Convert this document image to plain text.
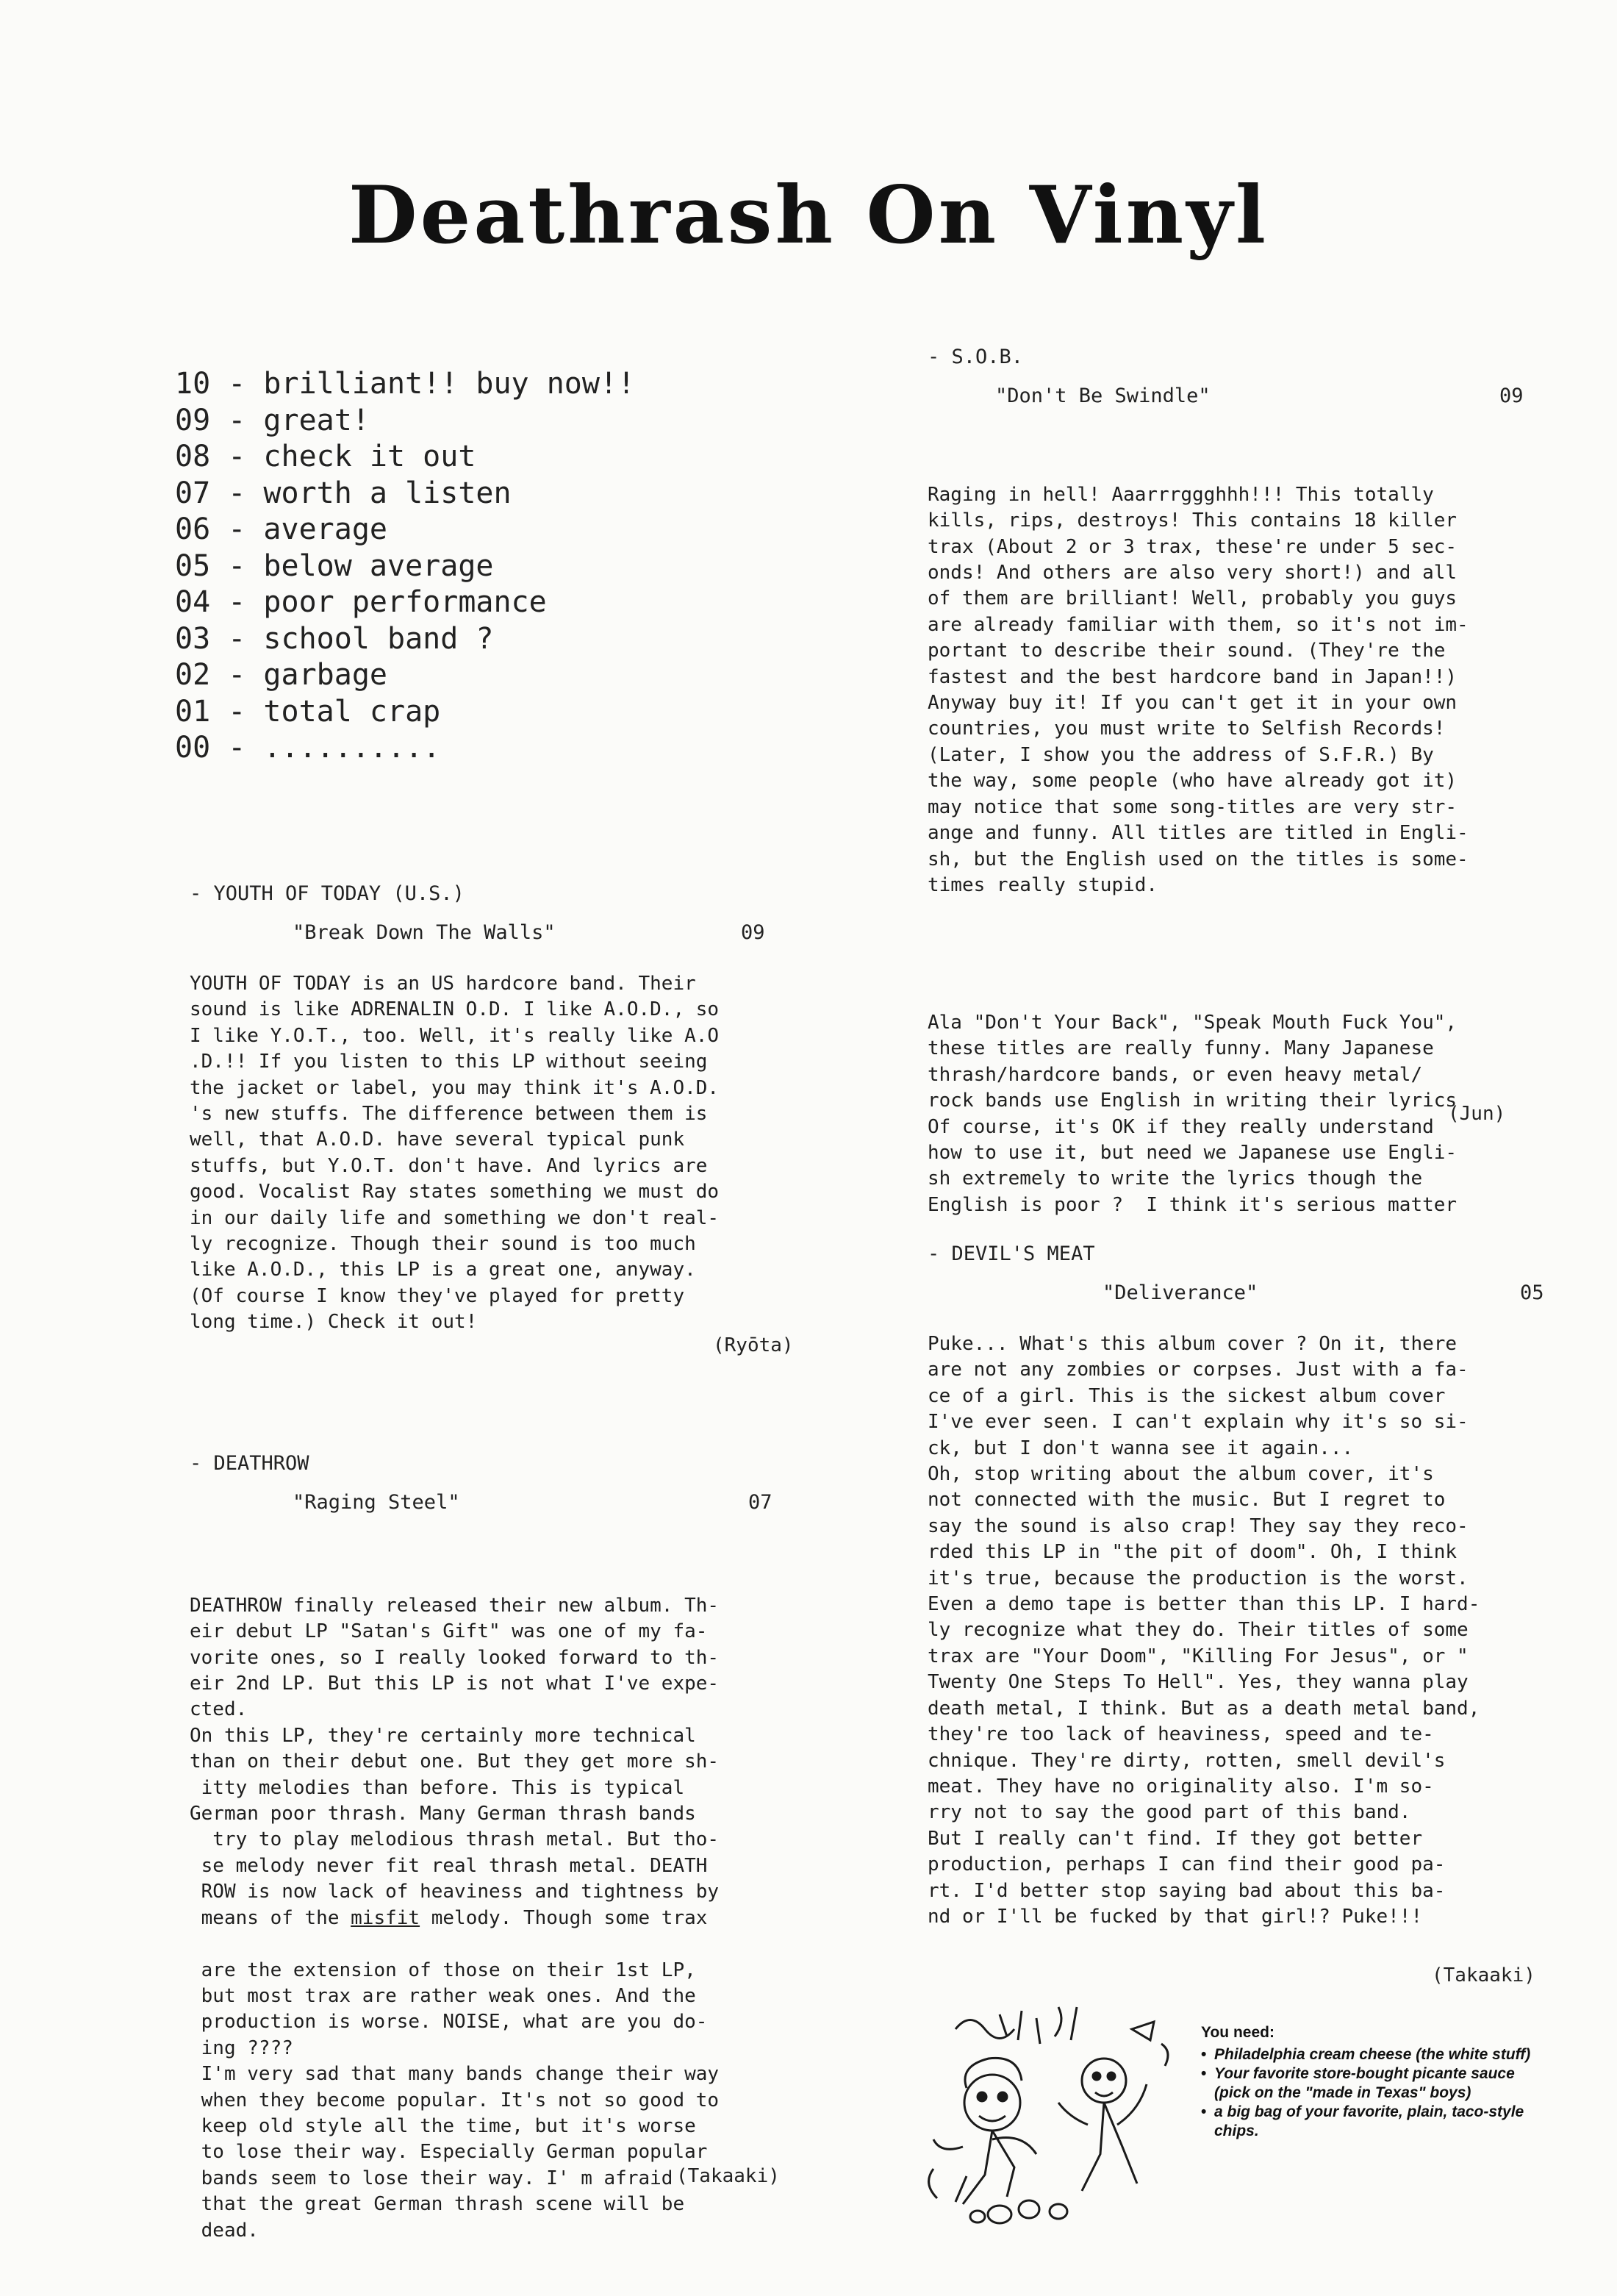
Deathrash On Vinyl
10 - brilliant!! buy now!!
09 - great!
08 - check it out
07 - worth a listen
06 - average
05 - below average
04 - poor performance
03 - school band ?
02 - garbage
01 - total crap
00 - ..........
- YOUTH OF TODAY (U.S.)
"Break Down The Walls"	09
YOUTH OF TODAY is an US hardcore band. Their
sound is like ADRENALIN O.D. I like A.O.D., so
I like Y.O.T., too. Well, it's really like A.O
.D.!! If you listen to this LP without seeing
the jacket or label, you may think it's A.O.D.
's new stuffs. The difference between them is
well, that A.O.D. have several typical punk
stuffs, but Y.O.T. don't have. And lyrics are
good. Vocalist Ray states something we must do
in our daily life and something we don't real-
ly recognize. Though their sound is too much
like A.O.D., this LP is a great one, anyway.
(Of course I know they've played for pretty
long time.) Check it out!
(Ryōta)
- DEATHROW
"Raging Steel"	07

DEATHROW finally released their new album. Th-
eir debut LP "Satan's Gift" was one of my fa-
vorite ones, so I really looked forward to th-
eir 2nd LP. But this LP is not what I've expe-
cted.
On this LP, they're certainly more technical
than on their debut one. But they get more sh-
itty melodies than before. This is typical
German poor thrash. Many German thrash bands
try to play melodious thrash metal. But tho-
se melody never fit real thrash metal. DEATH
ROW is now lack of heaviness and tightness by
means of the misfit melody. Though some trax

are the extension of those on their 1st LP,
but most trax are rather weak ones. And the
production is worse. NOISE, what are you do-
ing ????
I'm very sad that many bands change their way
when they become popular. It's not so good to
keep old style all the time, but it's worse
to lose their way. Especially German popular
bands seem to lose their way. I' m afraid
that the great German thrash scene will be
dead.

(Takaaki)
- S.O.B.
"Don't Be Swindle"	09

Raging in hell! Aaarrrggghhh!!! This totally
kills, rips, destroys! This contains 18 killer
trax (About 2 or 3 trax, these're under 5 sec-
onds! And others are also very short!) and all
of them are brilliant! Well, probably you guys
are already familiar with them, so it's not im-
portant to describe their sound. (They're the
fastest and the best hardcore band in Japan!!)
Anyway buy it! If you can't get it in your own
countries, you must write to Selfish Records!
(Later, I show you the address of S.F.R.) By
the way, some people (who have already got it)
may notice that some song-titles are very str-
ange and funny. All titles are titled in Engli-
sh, but the English used on the titles is some-
times really stupid.

Ala "Don't Your Back", "Speak Mouth Fuck You",
these titles are really funny. Many Japanese
thrash/hardcore bands, or even heavy metal/
rock bands use English in writing their lyrics
Of course, it's OK if they really understand
how to use it, but need we Japanese use Engli-
sh extremely to write the lyrics though the
English is poor ?  I think it's serious matter

(Jun)
- DEVIL'S MEAT
"Deliverance"	05
Puke... What's this album cover ? On it, there
are not any zombies or corpses. Just with a fa-
ce of a girl. This is the sickest album cover
I've ever seen. I can't explain why it's so si-
ck, but I don't wanna see it again...
Oh, stop writing about the album cover, it's
not connected with the music. But I regret to
say the sound is also crap! They say they reco-
rded this LP in "the pit of doom". Oh, I think
it's true, because the production is the worst.
Even a demo tape is better than this LP. I hard-
ly recognize what they do. Their titles of some
trax are "Your Doom", "Killing For Jesus", or "
Twenty One Steps To Hell". Yes, they wanna play
death metal, I think. But as a death metal band,
they're too lack of heaviness, speed and te-
chnique. They're dirty, rotten, smell devil's
meat. They have no originality also. I'm so-
rry not to say the good part of this band.
But I really can't find. If they got better
production, perhaps I can find their good pa-
rt. I'd better stop saying bad about this ba-
nd or I'll be fucked by that girl!? Puke!!!
(Takaaki)
You need:
• Philadelphia cream cheese (the white stuff)
• Your favorite store-bought picante sauce (pick on the "made in Texas" boys)
• a big bag of your favorite, plain, taco-style chips.
